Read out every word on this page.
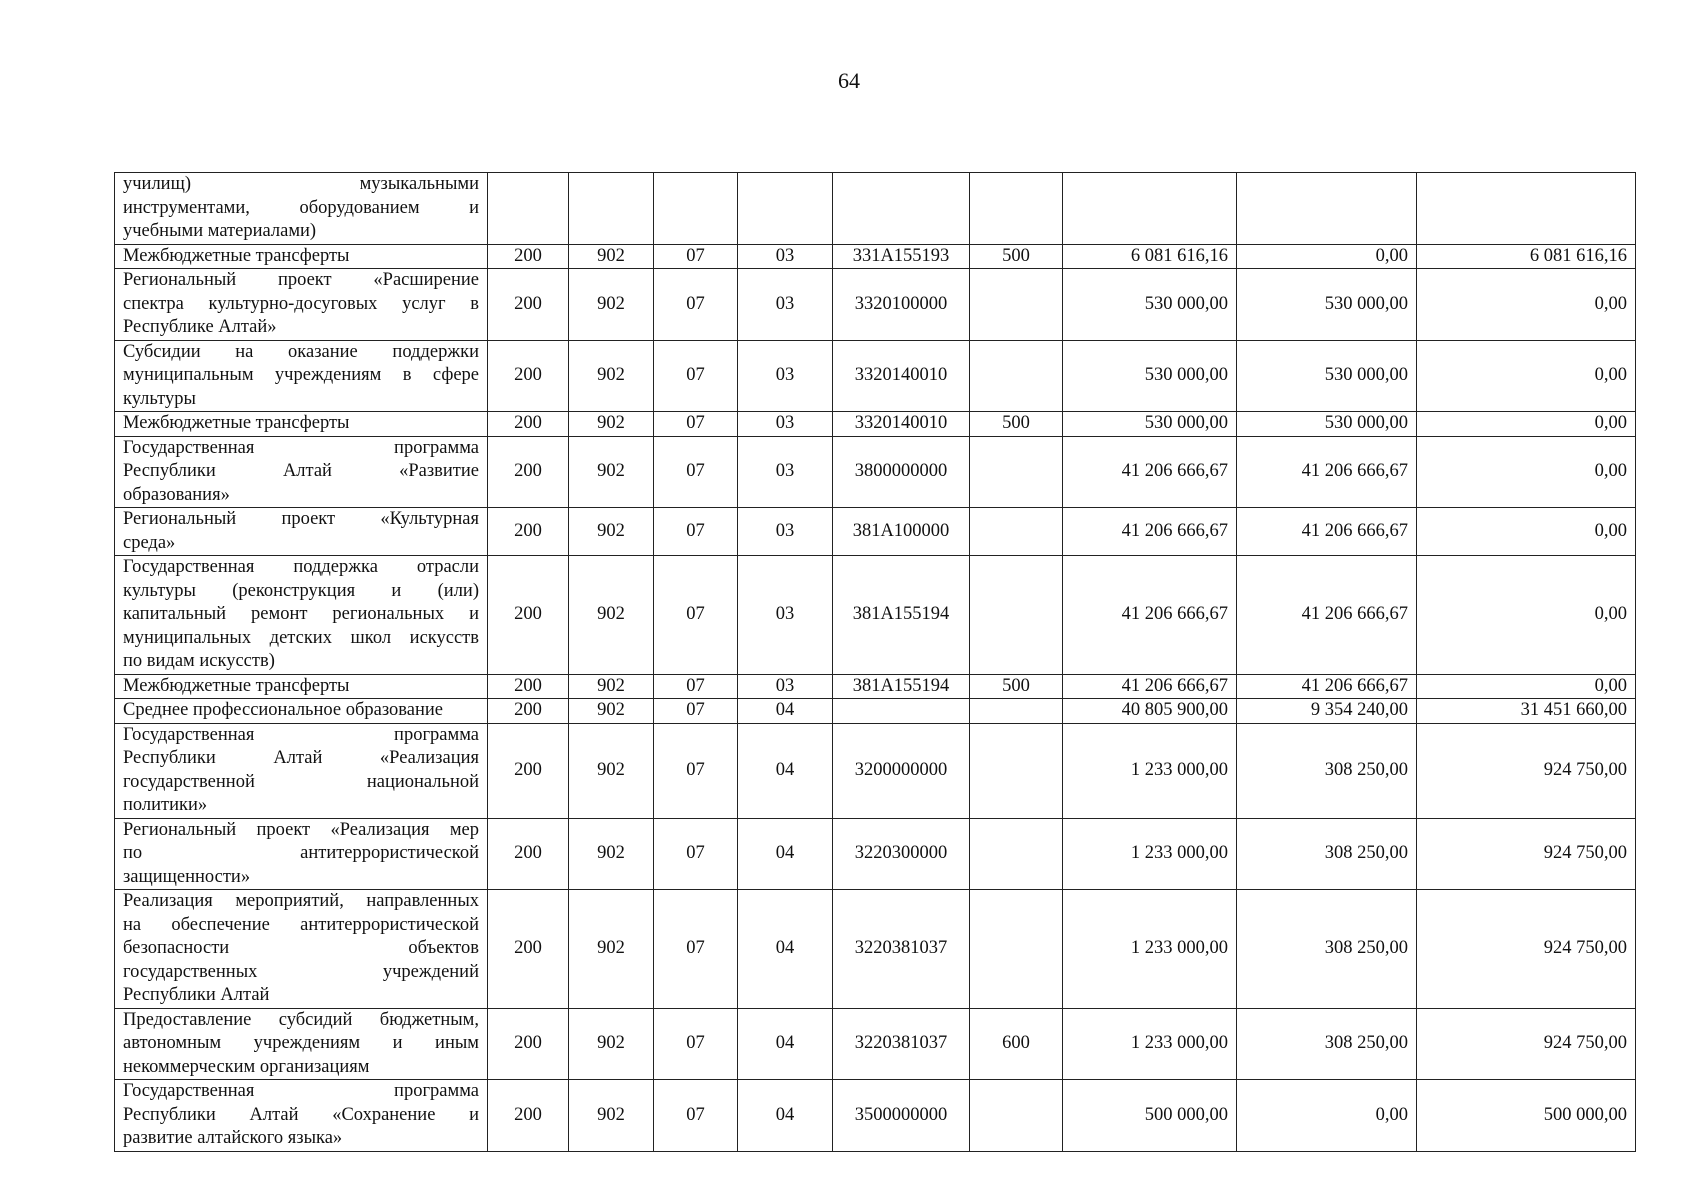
64
училищ) музыкальными
инструментами, оборудованием и
учебными материалами)									

Межбюджетные трансферты	200	902	07	03	331A155193	500	6 081 616,16	0,00	6 081 616,16

Региональный проект «Расширение
спектра культурно-досуговых услуг в
Республике Алтай»	200	902	07	03	3320100000		530 000,00	530 000,00	0,00

Субсидии на оказание поддержки
муниципальным учреждениям в сфере
культуры	200	902	07	03	3320140010		530 000,00	530 000,00	0,00

Межбюджетные трансферты	200	902	07	03	3320140010	500	530 000,00	530 000,00	0,00

Государственная программа
Республики Алтай «Развитие
образования»	200	902	07	03	3800000000		41 206 666,67	41 206 666,67	0,00

Региональный проект «Культурная
среда»	200	902	07	03	381A100000		41 206 666,67	41 206 666,67	0,00

Государственная поддержка отрасли
культуры (реконструкция и (или)
капитальный ремонт региональных и
муниципальных детских школ искусств
по видам искусств)	200	902	07	03	381A155194		41 206 666,67	41 206 666,67	0,00

Межбюджетные трансферты	200	902	07	03	381A155194	500	41 206 666,67	41 206 666,67	0,00

Среднее профессиональное образование	200	902	07	04			40 805 900,00	9 354 240,00	31 451 660,00

Государственная программа
Республики Алтай «Реализация
государственной национальной
политики»	200	902	07	04	3200000000		1 233 000,00	308 250,00	924 750,00

Региональный проект «Реализация мер
по антитеррористической
защищенности»	200	902	07	04	3220300000		1 233 000,00	308 250,00	924 750,00

Реализация мероприятий, направленных
на обеспечение антитеррористической
безопасности объектов
государственных учреждений
Республики Алтай	200	902	07	04	3220381037		1 233 000,00	308 250,00	924 750,00

Предоставление субсидий бюджетным,
автономным учреждениям и иным
некоммерческим организациям	200	902	07	04	3220381037	600	1 233 000,00	308 250,00	924 750,00

Государственная программа
Республики Алтай «Сохранение и
развитие алтайского языка»	200	902	07	04	3500000000		500 000,00	0,00	500 000,00
